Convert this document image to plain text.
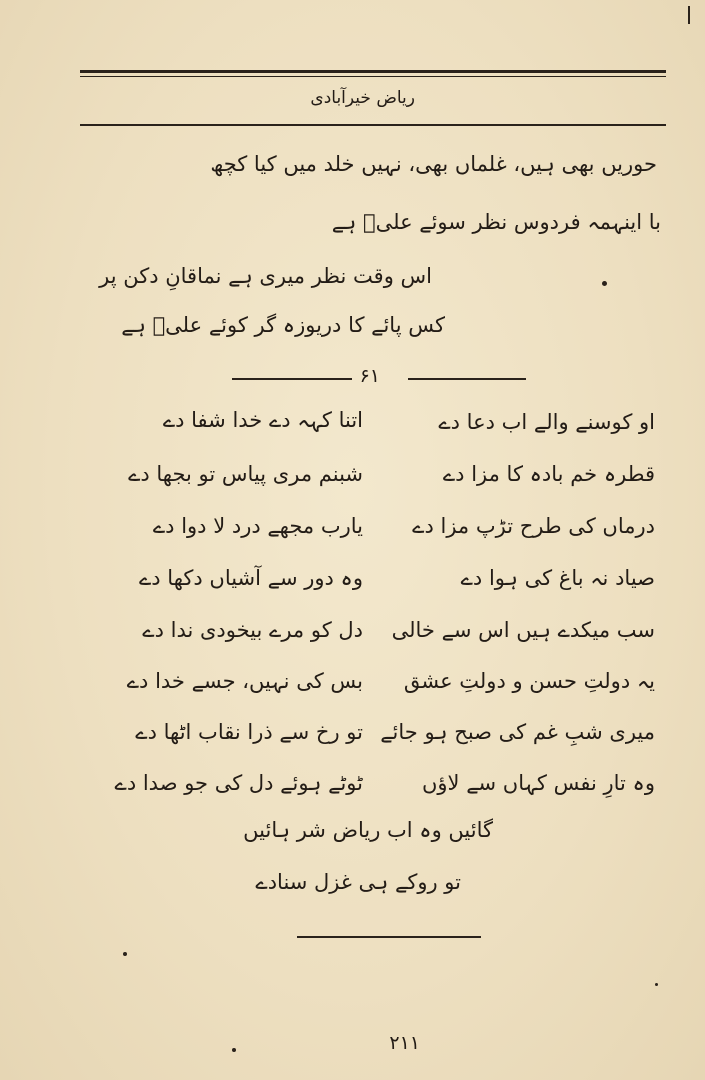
ریاض خیرآبادی
حوریں بھی ہیں، غلماں بھی، نہیں خلد میں کیا کچھ
با اینہمہ فردوس نظر سوئے علیؓ ہے
اس وقت نظر میری ہے نماقانِ دکن پر
کس پائے کا دریوزہ گر کوئے علیؓ ہے
۶۱
او کوسنے والے اب دعا دے
اتنا کہہ دے خدا شفا دے
قطرہ خم بادہ کا مزا دے
شبنم مری پیاس تو بجھا دے
درماں کی طرح تڑپ مزا دے
یارب مجھے درد لا دوا دے
صیاد نہ باغ کی ہوا دے
وہ دور سے آشیاں دکھا دے
سب میکدے ہیں اس سے خالی
دل کو مرے بیخودی ندا دے
یہ دولتِ حسن و دولتِ عشق
بس کی نہیں، جسے خدا دے
میری شبِ غم کی صبح ہو جائے
تو رخ سے ذرا نقاب اٹھا دے
وہ تارِ نفس کہاں سے لاؤں
ٹوٹے ہوئے دل کی جو صدا دے
گائیں وہ اب ریاض شر ہائیں
تو روکے ہی غزل سنادے
۲۱۱
